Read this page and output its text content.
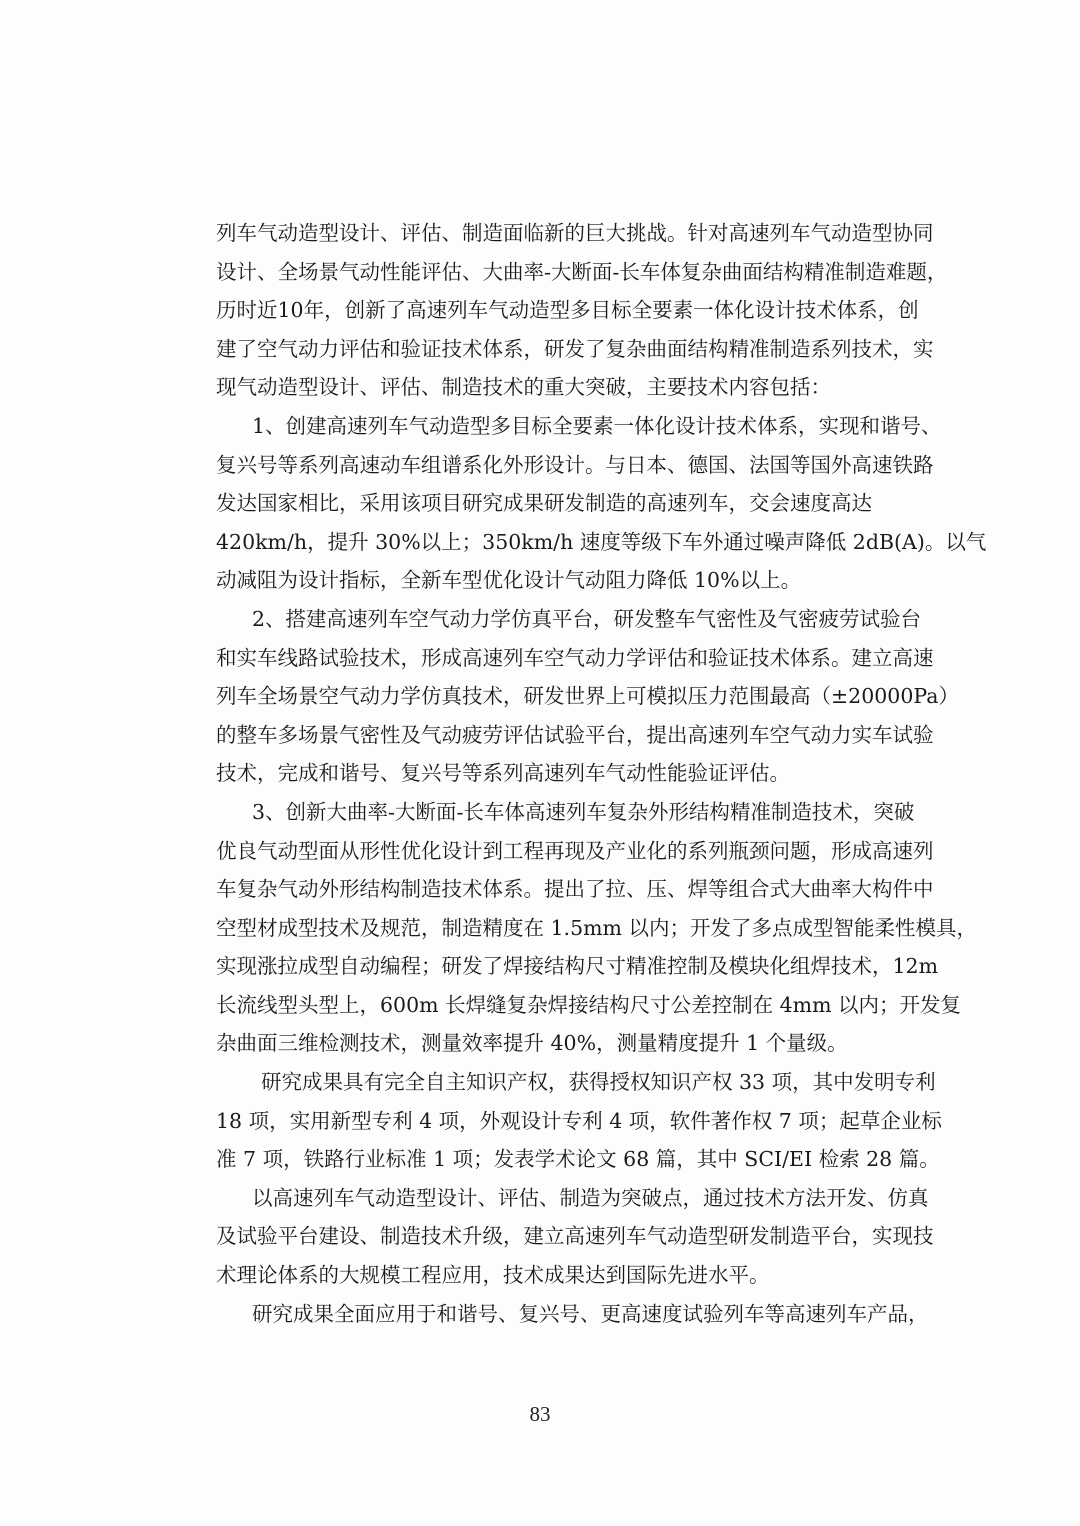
列车气动造型设计、评估、制造面临新的巨大挑战。针对高速列车气动造型协同
设计、全场景气动性能评估、大曲率-大断面-长车体复杂曲面结构精准制造难题，
历时近10年，创新了高速列车气动造型多目标全要素一体化设计技术体系，创
建了空气动力评估和验证技术体系，研发了复杂曲面结构精准制造系列技术，实
现气动造型设计、评估、制造技术的重大突破，主要技术内容包括：
1、创建高速列车气动造型多目标全要素一体化设计技术体系，实现和谐号、
复兴号等系列高速动车组谱系化外形设计。与日本、德国、法国等国外高速铁路
发达国家相比，采用该项目研究成果研发制造的高速列车，交会速度高达
420km/h，提升 30%以上；350km/h 速度等级下车外通过噪声降低 2dB(A)。以气
动减阻为设计指标，全新车型优化设计气动阻力降低 10%以上。
2、搭建高速列车空气动力学仿真平台，研发整车气密性及气密疲劳试验台
和实车线路试验技术，形成高速列车空气动力学评估和验证技术体系。建立高速
列车全场景空气动力学仿真技术，研发世界上可模拟压力范围最高（±20000Pa）
的整车多场景气密性及气动疲劳评估试验平台，提出高速列车空气动力实车试验
技术，完成和谐号、复兴号等系列高速列车气动性能验证评估。
3、创新大曲率-大断面-长车体高速列车复杂外形结构精准制造技术，突破
优良气动型面从形性优化设计到工程再现及产业化的系列瓶颈问题，形成高速列
车复杂气动外形结构制造技术体系。提出了拉、压、焊等组合式大曲率大构件中
空型材成型技术及规范，制造精度在 1.5mm 以内；开发了多点成型智能柔性模具，
实现涨拉成型自动编程；研发了焊接结构尺寸精准控制及模块化组焊技术，12m
长流线型头型上，600m 长焊缝复杂焊接结构尺寸公差控制在 4mm 以内；开发复
杂曲面三维检测技术，测量效率提升 40%，测量精度提升 1 个量级。
研究成果具有完全自主知识产权，获得授权知识产权 33 项，其中发明专利
18 项，实用新型专利 4 项，外观设计专利 4 项，软件著作权 7 项；起草企业标
准 7 项，铁路行业标准 1 项；发表学术论文 68 篇，其中 SCI/EI 检索 28 篇。
以高速列车气动造型设计、评估、制造为突破点，通过技术方法开发、仿真
及试验平台建设、制造技术升级，建立高速列车气动造型研发制造平台，实现技
术理论体系的大规模工程应用，技术成果达到国际先进水平。
研究成果全面应用于和谐号、复兴号、更高速度试验列车等高速列车产品，
83
